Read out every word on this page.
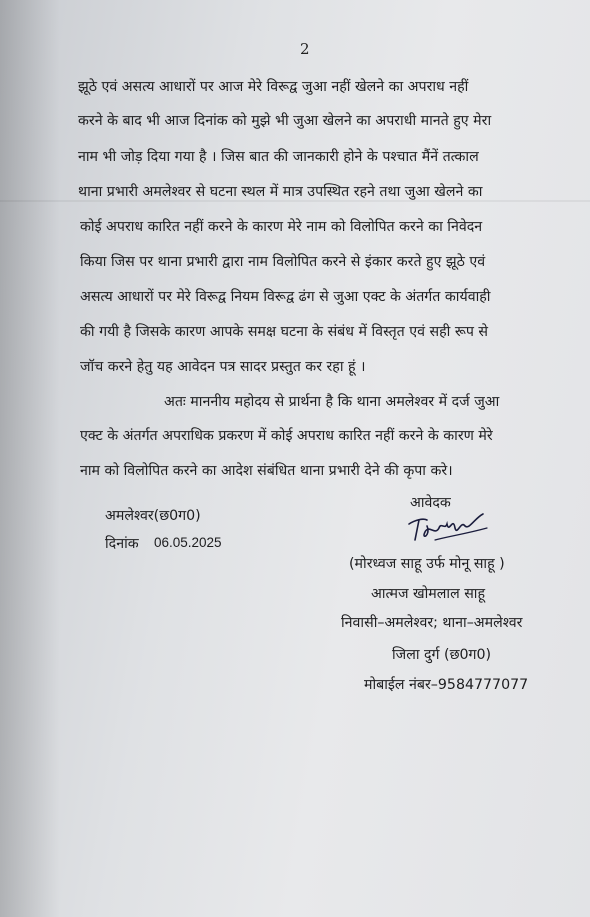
2
झूठे एवं असत्य आधारों पर आज मेरे विरूद्व जुआ नहीं खेलने का अपराध नहीं
करने के बाद भी आज दिनांक को मुझे भी जुआ खेलने का अपराधी मानते हुए मेरा
नाम भी जोड़ दिया गया है । जिस बात की जानकारी होने के पश्चात मैंनें तत्काल
थाना प्रभारी अमलेश्वर से घटना स्थल में मात्र उपस्थित रहने तथा जुआ खेलने का
कोई अपराध कारित नहीं करने के कारण मेरे नाम को विलोपित करने का निवेदन
किया जिस पर थाना प्रभारी द्वारा नाम विलोपित करने से इंकार करते हुए झूठे एवं
असत्य आधारों पर मेरे विरूद्व नियम विरूद्व ढंग से जुआ एक्ट के अंतर्गत कार्यवाही
की गयी है जिसके कारण आपके समक्ष घटना के संबंध में विस्तृत एवं सही रूप से
जॉच करने हेतु यह आवेदन पत्र सादर प्रस्तुत कर रहा हूं ।
अतः माननीय महोदय से प्रार्थना है कि थाना अमलेश्वर में दर्ज जुआ
एक्ट के अंतर्गत अपराधिक प्रकरण में कोई अपराध कारित नहीं करने के कारण मेरे
नाम को विलोपित करने का आदेश संबंधित थाना प्रभारी देने की कृपा करे।
अमलेश्वर(छ0ग0)
दिनांक 06.05.2025
आवेदक
(मोरध्वज साहू उर्फ मोनू साहू )
आत्मज खोमलाल साहू
निवासी–अमलेश्वर; थाना–अमलेश्वर
जिला दुर्ग (छ0ग0)
मोबाईल नंबर–9584777077
